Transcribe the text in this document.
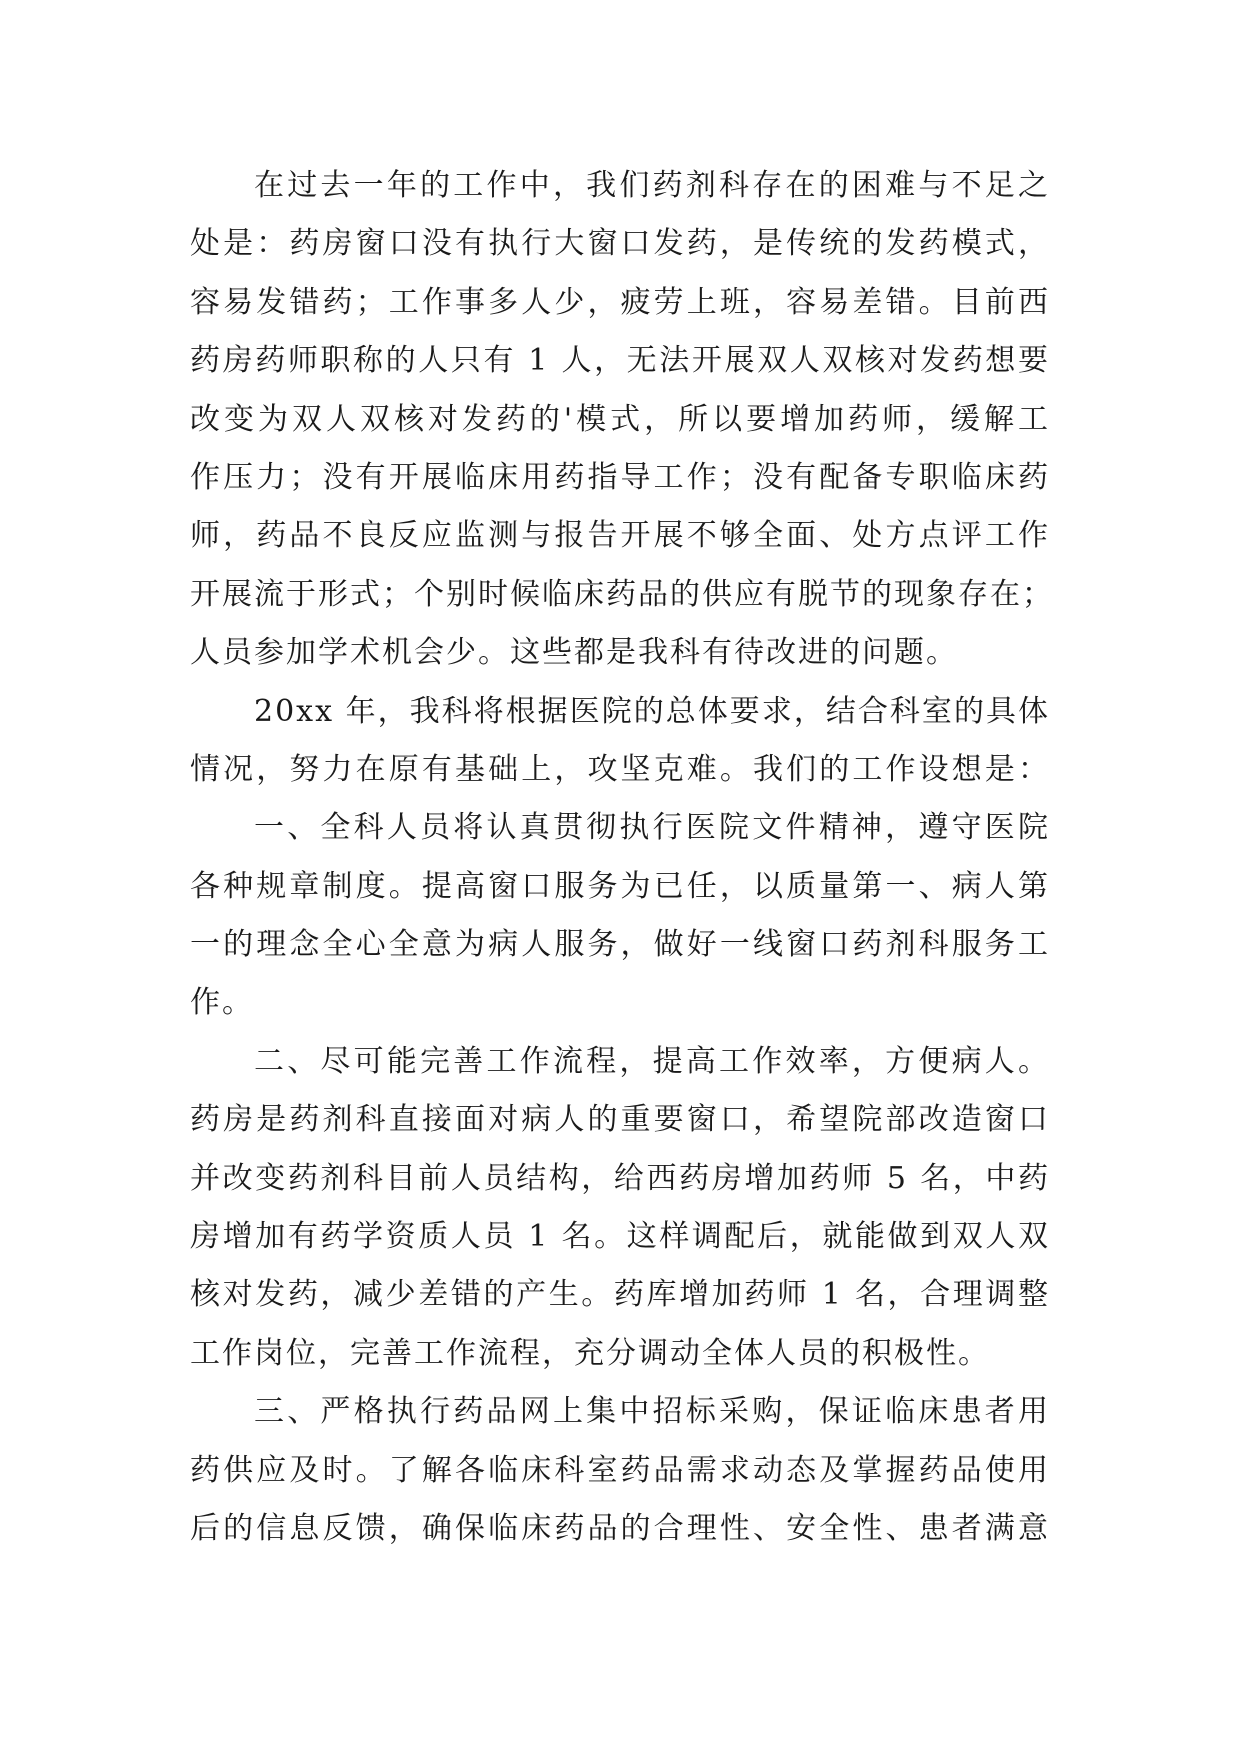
在过去一年的工作中，我们药剂科存在的困难与不足之
处是：药房窗口没有执行大窗口发药，是传统的发药模式，
容易发错药；工作事多人少，疲劳上班，容易差错。目前西
药房药师职称的人只有 1 人，无法开展双人双核对发药想要
改变为双人双核对发药的'模式，所以要增加药师，缓解工
作压力；没有开展临床用药指导工作；没有配备专职临床药
师，药品不良反应监测与报告开展不够全面、处方点评工作
开展流于形式；个别时候临床药品的供应有脱节的现象存在；
人员参加学术机会少。这些都是我科有待改进的问题。
20xx 年，我科将根据医院的总体要求，结合科室的具体
情况，努力在原有基础上，攻坚克难。我们的工作设想是：
一、全科人员将认真贯彻执行医院文件精神，遵守医院
各种规章制度。提高窗口服务为已任，以质量第一、病人第
一的理念全心全意为病人服务，做好一线窗口药剂科服务工
作。
二、尽可能完善工作流程，提高工作效率，方便病人。
药房是药剂科直接面对病人的重要窗口，希望院部改造窗口
并改变药剂科目前人员结构，给西药房增加药师 5 名，中药
房增加有药学资质人员 1 名。这样调配后，就能做到双人双
核对发药，减少差错的产生。药库增加药师 1 名，合理调整
工作岗位，完善工作流程，充分调动全体人员的积极性。
三、严格执行药品网上集中招标采购，保证临床患者用
药供应及时。了解各临床科室药品需求动态及掌握药品使用
后的信息反馈，确保临床药品的合理性、安全性、患者满意
